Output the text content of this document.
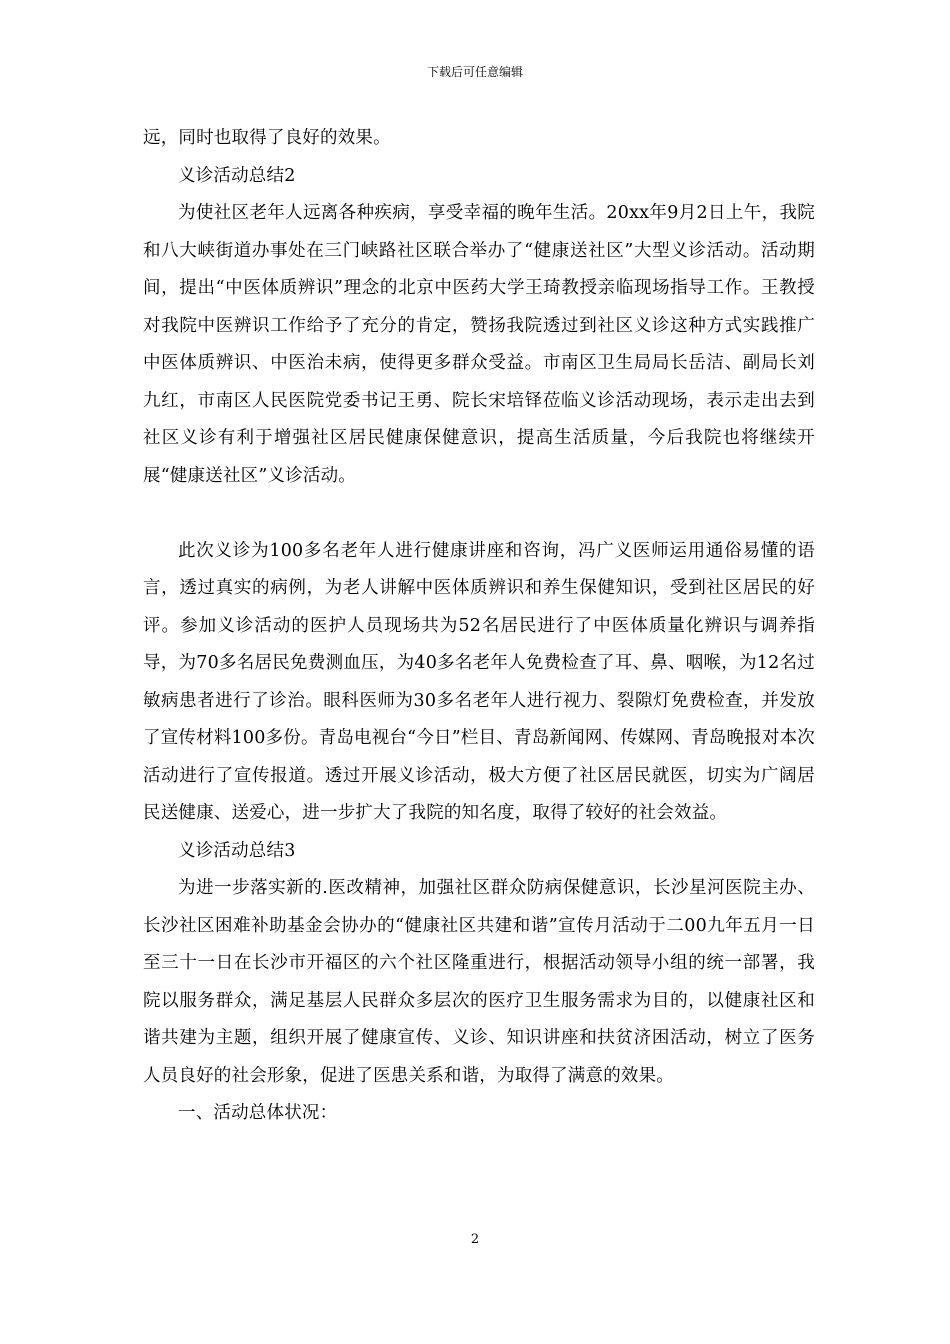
下载后可任意编辑

远，同时也取得了良好的效果。

义诊活动总结2

为使社区老年人远离各种疾病，享受幸福的晚年生活。20xx年9月2日上午，我院和八大峡街道办事处在三门峡路社区联合举办了“健康送社区”大型义诊活动。活动期间，提出“中医体质辨识”理念的北京中医药大学王琦教授亲临现场指导工作。王教授对我院中医辨识工作给予了充分的肯定，赞扬我院透过到社区义诊这种方式实践推广中医体质辨识、中医治未病，使得更多群众受益。市南区卫生局局长岳洁、副局长刘九红，市南区人民医院党委书记王勇、院长宋培铎莅临义诊活动现场，表示走出去到社区义诊有利于增强社区居民健康保健意识，提高生活质量，今后我院也将继续开展“健康送社区”义诊活动。

此次义诊为100多名老年人进行健康讲座和咨询，冯广义医师运用通俗易懂的语言，透过真实的病例，为老人讲解中医体质辨识和养生保健知识，受到社区居民的好评。参加义诊活动的医护人员现场共为52名居民进行了中医体质量化辨识与调养指导，为70多名居民免费测血压，为40多名老年人免费检查了耳、鼻、咽喉，为12名过敏病患者进行了诊治。眼科医师为30多名老年人进行视力、裂隙灯免费检查，并发放了宣传材料100多份。青岛电视台“今日”栏目、青岛新闻网、传媒网、青岛晚报对本次活动进行了宣传报道。透过开展义诊活动，极大方便了社区居民就医，切实为广阔居民送健康、送爱心，进一步扩大了我院的知名度，取得了较好的社会效益。

义诊活动总结3

为进一步落实新的.医改精神，加强社区群众防病保健意识，长沙星河医院主办、长沙社区困难补助基金会协办的“健康社区共建和谐”宣传月活动于二00九年五月一日至三十一日在长沙市开福区的六个社区隆重进行，根据活动领导小组的统一部署，我院以服务群众，满足基层人民群众多层次的医疗卫生服务需求为目的，以健康社区和谐共建为主题，组织开展了健康宣传、义诊、知识讲座和扶贫济困活动，树立了医务人员良好的社会形象，促进了医患关系和谐，为取得了满意的效果。

一、活动总体状况：

2
